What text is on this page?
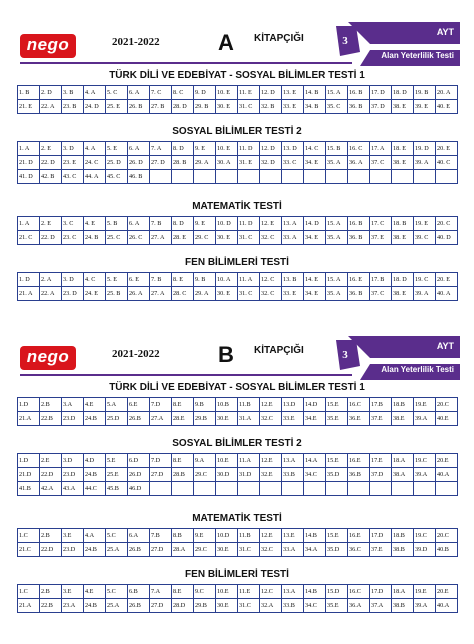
nego	2021-2022	A KİTAPÇIĞI	3
AYT
Alan Yeterlilik Testi
TÜRK DİLİ VE EDEBİYAT - SOSYAL BİLİMLER TESTİ 1
1. B	2. D	3. B	4. A	5. C	6. A	7. C	8. C	9. D	10. E	11. E	12. D	13. E	14. B	15. A	16. B	17. D	18. D	19. B	20. A
21. E	22. A	23. B	24. D	25. E	26. B	27. B	28. D	29. B	30. E	31. C	32. B	33. E	34. B	35. C	36. B	37. D	38. E	39. E	40. E
SOSYAL BİLİMLER TESTİ 2
1. A	2. E	3. D	4. A	5. E	6. A	7. A	8. D	9. E	10. E	11. D	12. D	13. D	14. C	15. B	16. C	17. A	18. E	19. D	20. E
21. D	22. D	23. E	24. C	25. D	26. D	27. D	28. B	29. A	30. A	31. E	32. D	33. C	34. E	35. A	36. A	37. C	38. E	39. A	40. C
41. D	42. B	43. C	44. A	45. C	46. B														
MATEMATİK TESTİ
1. A	2. E	3. C	4. E	5. B	6. A	7. B	8. D	9. E	10. D	11. D	12. E	13. A	14. D	15. A	16. B	17. C	18. B	19. E	20. C
21. C	22. D	23. C	24. B	25. C	26. C	27. A	28. E	29. C	30. E	31. C	32. C	33. A	34. E	35. A	36. B	37. E	38. E	39. C	40. D
FEN BİLİMLERİ TESTİ
1. D	2. A	3. D	4. C	5. E	6. E	7. B	8. E	9. B	10. A	11. A	12. C	13. B	14. E	15. A	16. E	17. B	18. D	19. C	20. E
21. A	22. A	23. D	24. E	25. B	26. A	27. A	28. C	29. A	30. E	31. C	32. C	33. E	34. E	35. A	36. B	37. C	38. E	39. A	40. A
nego	2021-2022	B KİTAPÇIĞI	3
AYT
Alan Yeterlilik Testi
TÜRK DİLİ VE EDEBİYAT - SOSYAL BİLİMLER TESTİ 1
1.D	2.B	3.A	4.E	5.A	6.E	7.D	8.E	9.B	10.B	11.B	12.E	13.D	14.D	15.E	16.C	17.B	18.B	19.E	20.C
21.A	22.B	23.D	24.B	25.D	26.B	27.A	28.E	29.B	30.E	31.A	32.C	33.E	34.E	35.E	36.E	37.E	38.E	39.A	40.E
SOSYAL BİLİMLER TESTİ 2
1.D	2.E	3.D	4.D	5.E	6.D	7.D	8.E	9.A	10.E	11.A	12.E	13.A	14.A	15.E	16.E	17.E	18.A	19.C	20.E
21.D	22.D	23.D	24.B	25.E	26.D	27.D	28.B	29.C	30.D	31.D	32.E	33.B	34.C	35.D	36.B	37.D	38.A	39.A	40.A
41.B	42.A	43.A	44.C	45.B	46.D														
MATEMATİK TESTİ
1.C	2.B	3.E	4.A	5.C	6.A	7.B	8.B	9.E	10.D	11.B	12.E	13.E	14.B	15.E	16.E	17.D	18.B	19.C	20.C
21.C	22.D	23.D	24.B	25.A	26.B	27.D	28.A	29.C	30.E	31.C	32.C	33.A	34.A	35.D	36.C	37.E	38.B	39.D	40.B
FEN BİLİMLERİ TESTİ
1.C	2.B	3.E	4.E	5.C	6.B	7.A	8.E	9.C	10.E	11.E	12.C	13.A	14.B	15.D	16.C	17.D	18.A	19.E	20.E
21.A	22.B	23.A	24.B	25.A	26.B	27.D	28.D	29.B	30.E	31.C	32.A	33.B	34.C	35.E	36.A	37.A	38.B	39.A	40.A
